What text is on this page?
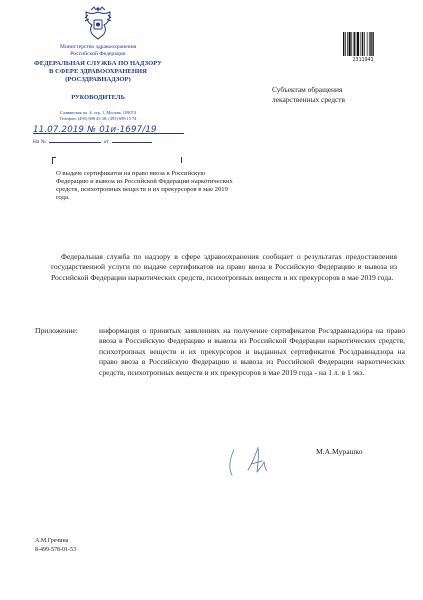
Министерство здравоохранения
Российской Федерации
ФЕДЕРАЛЬНАЯ СЛУЖБА ПО НАДЗОРУ
В СФЕРЕ ЗДРАВООХРАНЕНИЯ
(РОСЗДРАВНАДЗОР)
РУКОВОДИТЕЛЬ
Славянская пл. 4, стр. 1, Москва, 109074
Телефон: (495) 698 45 38; (495) 698 15 74
11.07.2019 № 01и-1697/19
На №	от
2311941
Субъектам обращения
лекарственных средств
О выдаче сертификатов на право ввоза в Российскую Федерацию и вывоза из Российской Федерации наркотических средств, психотропных веществ и их прекурсоров в мае 2019 года.
Федеральная служба по надзору в сфере здравоохранения сообщает о результатах предоставления государственной услуги по выдаче сертификатов на право ввоза в Российскую Федерацию и вывоза из Российской Федерации наркотических средств, психотропных веществ и их прекурсоров в мае 2019 года.
Приложение:	информация о принятых заявлениях на получение сертификатов Росздравнадзора на право ввоза в Российскую Федерацию и вывоза из Российской Федерации наркотических средств, психотропных веществ и их прекурсоров и выданных сертификатов Росздравнадзора на право ввоза в Российскую Федерацию и вывоза из Российской Федерации наркотических средств, психотропных веществ и их прекурсоров в мае 2019 года - на 1 л. в 1 экз.
М.А.Мурашко
А.М.Гречина
8-499-578-01-53
